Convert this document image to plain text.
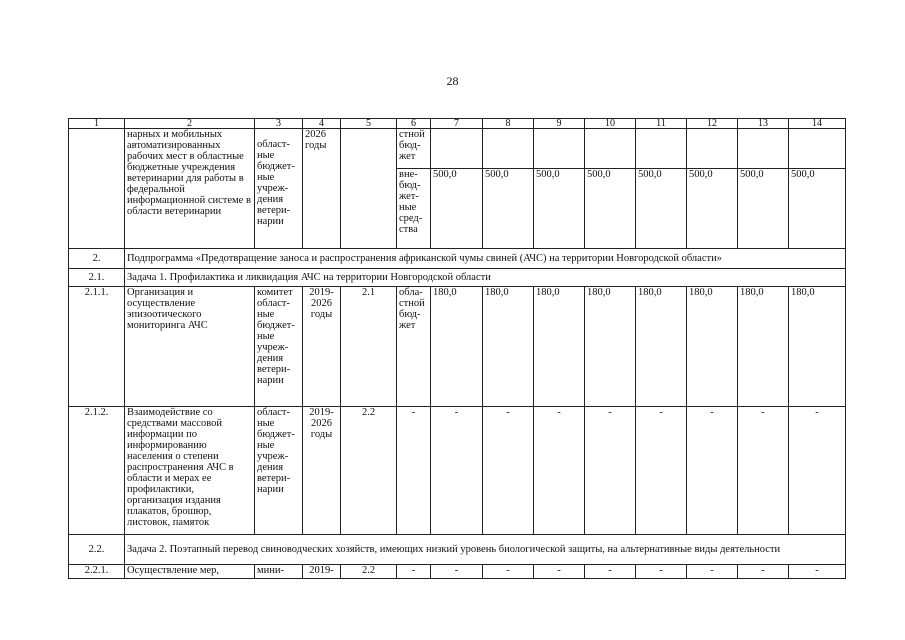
28
1	2	3	4	5	6	7	8	9	10	11	12	13	14
	нарных и мобильных автоматизированных рабочих мест в областные бюджетные учреждения ветеринарии для работы в федеральной информационной системе в области ветеринарии	област-ные бюджет-ные учреж-дения ветери-нарии	2026 годы		стной бюд-жет								
					вне-бюд-жет-ные сред-ства	500,0	500,0	500,0	500,0	500,0	500,0	500,0	500,0
2.	Подпрограмма «Предотвращение заноса и распространения африканской чумы свиней (АЧС) на территории Новгородской области»												
2.1.	Задача 1. Профилактика и ликвидация АЧС на территории Новгородской области												
2.1.1.	Организация и осуществление эпизоотического мониторинга АЧС	комитет област-ные бюджет-ные учреж-дения ветери-нарии	2019-2026 годы	2.1	обла-стной бюд-жет	180,0	180,0	180,0	180,0	180,0	180,0	180,0	180,0
2.1.2.	Взаимодействие со средствами массовой информации по информированию населения о степени распространения АЧС в области и мерах ее профилактики, организация издания плакатов, брошюр, листовок, памяток	област-ные бюджет-ные учреж-дения ветери-нарии	2019-2026 годы	2.2	-	-	-	-	-	-	-	-	-
2.2.	Задача 2. Поэтапный перевод свиноводческих хозяйств, имеющих низкий уровень биологической защиты, на альтернативные виды деятельности												
2.2.1.	Осуществление мер,	мини-	2019-	2.2	-	-	-	-	-	-	-	-	-
